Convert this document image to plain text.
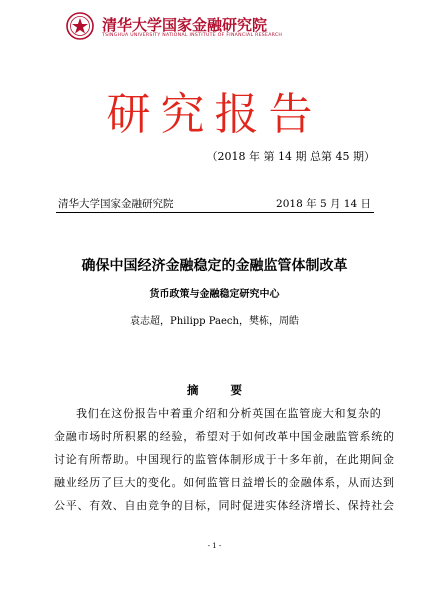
清华大学国家金融研究院
TSINGHUA UNIVERSITY NATIONAL INSTITUTE OF FINANCIAL RESEARCH
研究报告
（2018 年 第 14 期 总第 45 期）
清华大学国家金融研究院	2018 年 5 月 14 日
确保中国经济金融稳定的金融监管体制改革
货币政策与金融稳定研究中心
袁志超，Philipp Paech，樊栋，周皓
摘 要
我们在这份报告中着重介绍和分析英国在监管庞大和复杂的
金融市场时所积累的经验，希望对于如何改革中国金融监管系统的
讨论有所帮助。中国现行的监管体制形成于十多年前，在此期间金
融业经历了巨大的变化。如何监管日益增长的金融体系，从而达到
公平、有效、自由竞争的目标，同时促进实体经济增长、保持社会
- 1 -
